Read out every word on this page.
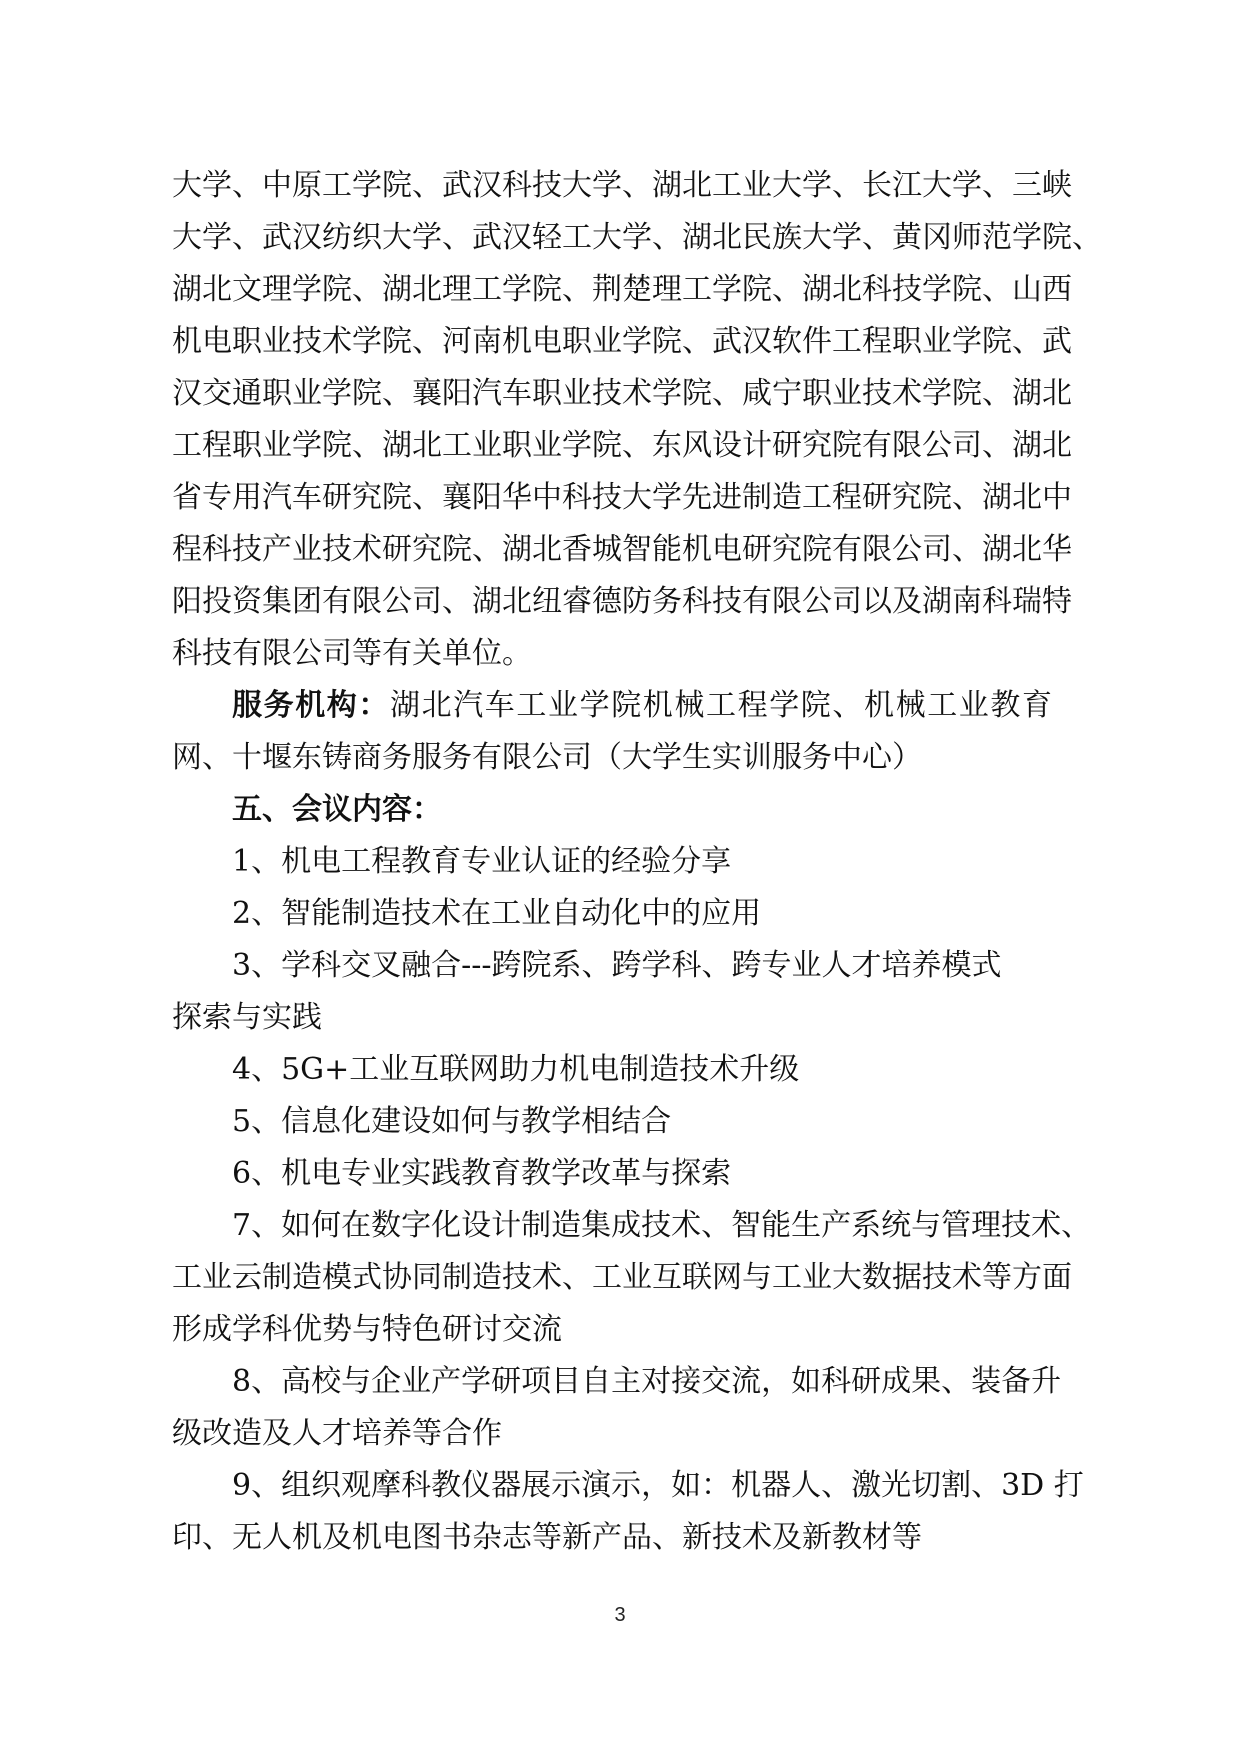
大学、中原工学院、武汉科技大学、湖北工业大学、长江大学、三峡
大学、武汉纺织大学、武汉轻工大学、湖北民族大学、黄冈师范学院、
湖北文理学院、湖北理工学院、荆楚理工学院、湖北科技学院、山西
机电职业技术学院、河南机电职业学院、武汉软件工程职业学院、武
汉交通职业学院、襄阳汽车职业技术学院、咸宁职业技术学院、湖北
工程职业学院、湖北工业职业学院、东风设计研究院有限公司、湖北
省专用汽车研究院、襄阳华中科技大学先进制造工程研究院、湖北中
程科技产业技术研究院、湖北香城智能机电研究院有限公司、湖北华
阳投资集团有限公司、湖北纽睿德防务科技有限公司以及湖南科瑞特
科技有限公司等有关单位。
服务机构：湖北汽车工业学院机械工程学院、机械工业教育
网、十堰东铸商务服务有限公司（大学生实训服务中心）
五、会议内容：
1、机电工程教育专业认证的经验分享
2、智能制造技术在工业自动化中的应用
3、学科交叉融合---跨院系、跨学科、跨专业人才培养模式
探索与实践
4、5G+工业互联网助力机电制造技术升级
5、信息化建设如何与教学相结合
6、机电专业实践教育教学改革与探索
7、如何在数字化设计制造集成技术、智能生产系统与管理技术、
工业云制造模式协同制造技术、工业互联网与工业大数据技术等方面
形成学科优势与特色研讨交流
8、高校与企业产学研项目自主对接交流，如科研成果、装备升
级改造及人才培养等合作
9、组织观摩科教仪器展示演示，如：机器人、激光切割、3D 打
印、无人机及机电图书杂志等新产品、新技术及新教材等
3
